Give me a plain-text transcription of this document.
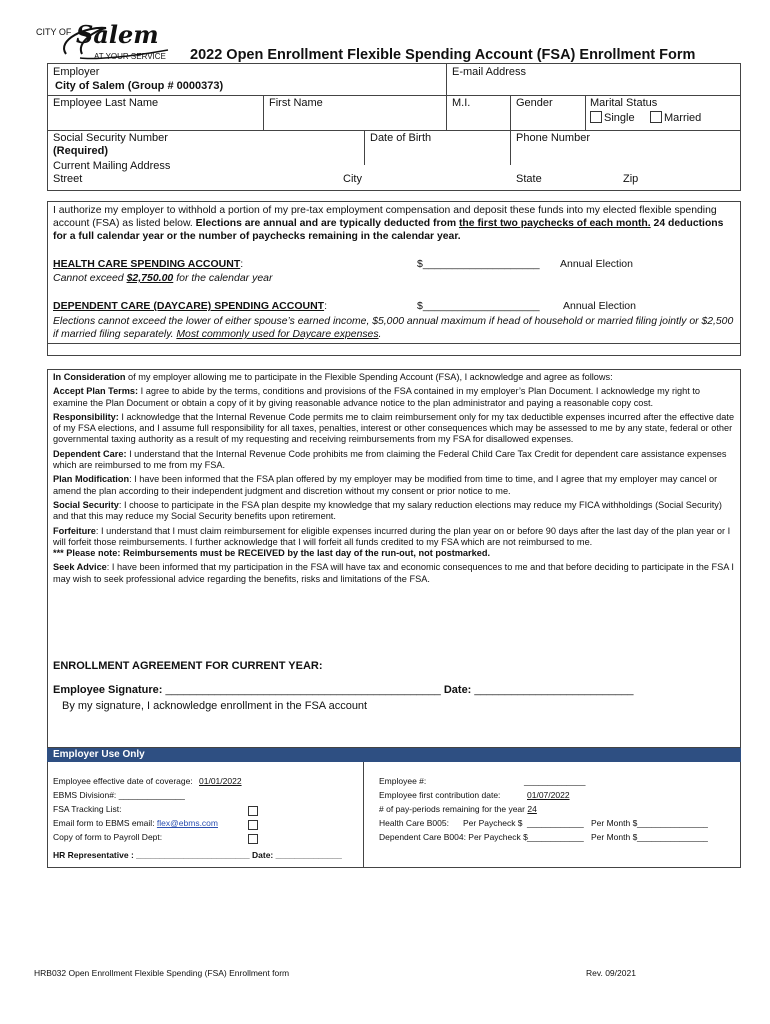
CITY OF Salem
AT YOUR SERVICE 2022 Open Enrollment Flexible Spending Account (FSA) Enrollment Form
Employer
City of Salem (Group # 0000373)
E-mail Address
Employee Last Name	First Name	M.I.	Gender	Marital Status
Single	Married
Social Security Number
(Required)
Date of Birth	Phone Number
Current Mailing Address
Street	City	State	Zip
I authorize my employer to withhold a portion of my pre-tax employment compensation and deposit these funds into my elected flexible spending account (FSA) as listed below. Elections are annual and are typically deducted from the first two paychecks of each month. 24 deductions for a full calendar year or the number of paychecks remaining in the calendar year.
HEALTH CARE SPENDING ACCOUNT:	$____________________ Annual Election
Cannot exceed $2,750.00 for the calendar year
DEPENDENT CARE (DAYCARE) SPENDING ACCOUNT:	$____________________ Annual Election
Elections cannot exceed the lower of either spouse’s earned income, $5,000 annual maximum if head of household or married filing jointly or $2,500 if married filing separately. Most commonly used for Daycare expenses.

In Consideration of my employer allowing me to participate in the Flexible Spending Account (FSA), I acknowledge and agree as follows:

Accept Plan Terms: I agree to abide by the terms, conditions and provisions of the FSA contained in my employer’s Plan Document. I acknowledge my right to examine the Plan Document or obtain a copy of it by giving reasonable advance notice to the plan administrator and paying a reasonable copy cost.

Responsibility: I acknowledge that the Internal Revenue Code permits me to claim reimbursement only for my tax deductible expenses incurred after the effective date of my FSA elections, and I assume full responsibility for all taxes, penalties, interest or other consequences which may be assessed to me by any state, federal or other governmental taxing authority as a result of my requesting and receiving reimbursements from my FSA for disallowed expenses.

Dependent Care: I understand that the Internal Revenue Code prohibits me from claiming the Federal Child Care Tax Credit for dependent care assistance expenses which are reimbursed to me from my FSA.

Plan Modification: I have been informed that the FSA plan offered by my employer may be modified from time to time, and I agree that my employer may cancel or amend the plan according to their independent judgment and discretion without my consent or prior notice to me.

Social Security: I choose to participate in the FSA plan despite my knowledge that my salary reduction elections may reduce my FICA withholdings (Social Security) and that this may reduce my Social Security benefits upon retirement.

Forfeiture: I understand that I must claim reimbursement for eligible expenses incurred during the plan year on or before 90 days after the last day of the plan year or I will forfeit those reimbursements. I further acknowledge that I will forfeit all funds credited to my FSA which are not reimbursed to me.
*** Please note: Reimbursements must be RECEIVED by the last day of the run-out, not postmarked.

Seek Advice: I have been informed that my participation in the FSA will have tax and economic consequences to me and that before deciding to participate in the FSA I may wish to seek professional advice regarding the benefits, risks and limitations of the FSA.

ENROLLMENT AGREEMENT FOR CURRENT YEAR:
Employee Signature: _____________________________________________ Date: __________________________
By my signature, I acknowledge enrollment in the FSA account
Employer Use Only
Employee effective date of coverage: 01/01/2022
EBMS Division#: ______________
FSA Tracking List:
Email form to EBMS email: flex@ebms.com
Copy of form to Payroll Dept:
HR Representative : ________________________ Date: ______________
Employee #:	_____________
Employee first contribution date:	01/07/2022
# of pay-periods remaining for the year 24
Health Care B005: Per Paycheck $ ____________ Per Month $ _______________
Dependent Care B004: Per Paycheck $ ____________ Per Month $ _______________
HRB032 Open Enrollment Flexible Spending (FSA) Enrollment form	Rev. 09/2021
